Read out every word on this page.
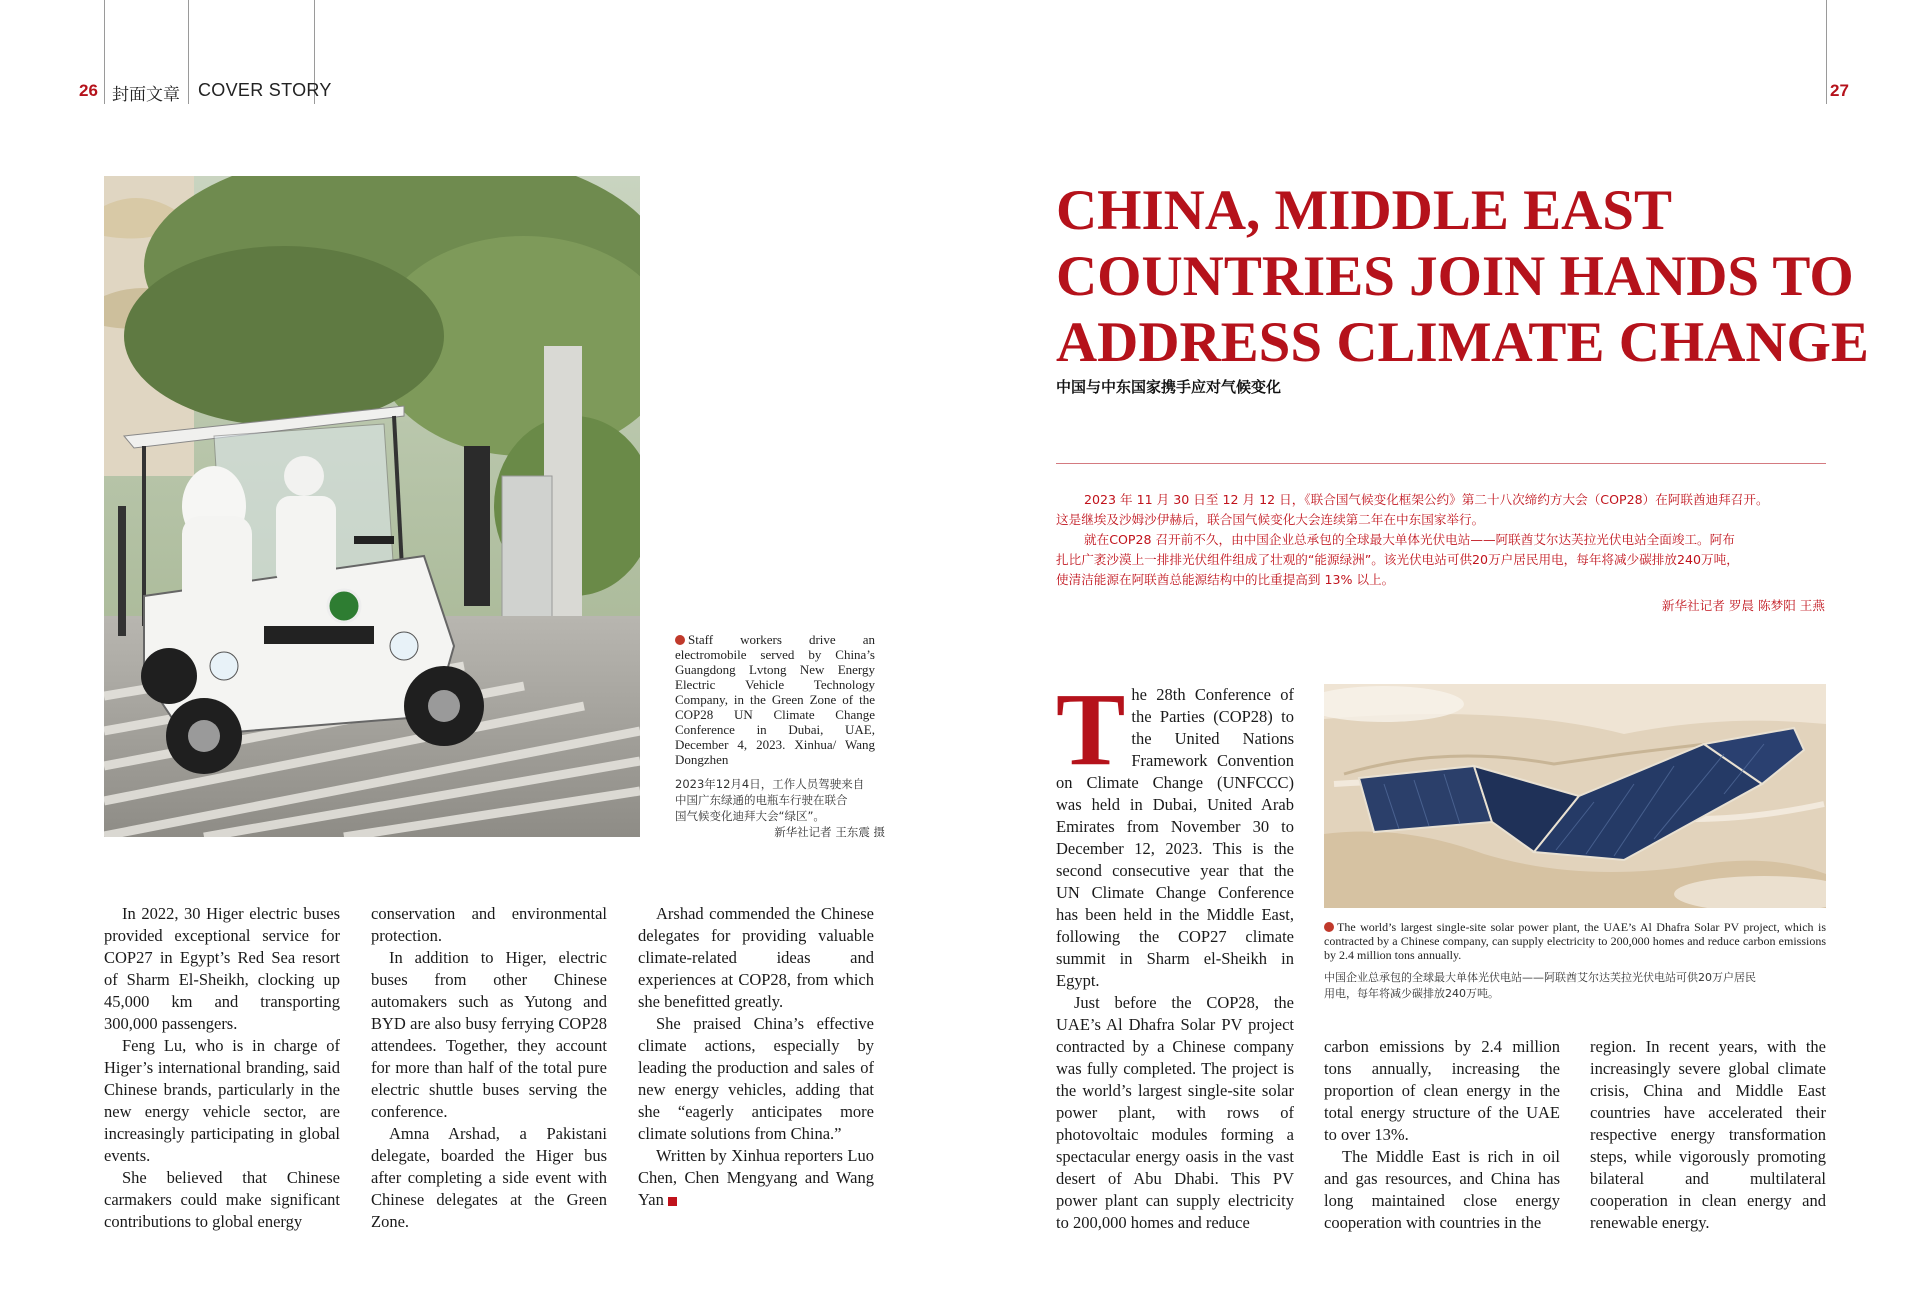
26 封面文章 COVER STORY	27
Staff workers drive an electromobile served by China’s Guangdong Lvtong New Energy Electric Vehicle Technology Company, in the Green Zone of the COP28 UN Climate Change Conference in Dubai, UAE, December 4, 2023. Xinhua/ Wang Dongzhen
2023年12月4日，工作人员驾驶来自
中国广东绿通的电瓶车行驶在联合
国气候变化迪拜大会“绿区”。
新华社记者 王东震 摄

In 2022, 30 Higer electric buses provided exceptional service for COP27 in Egypt’s Red Sea resort of Sharm El-Sheikh, clocking up 45,000 km and transporting 300,000 passengers.

Feng Lu, who is in charge of Higer’s international branding, said Chinese brands, particularly in the new energy vehicle sector, are increasingly participating in global events.

She believed that Chinese carmakers could make significant contributions to global energy

conservation and environmental protection.

In addition to Higer, electric buses from other Chinese automakers such as Yutong and BYD are also busy ferrying COP28 attendees. Together, they account for more than half of the total pure electric shuttle buses serving the conference.

Amna Arshad, a Pakistani delegate, boarded the Higer bus after completing a side event with Chinese delegates at the Green Zone.

Arshad commended the Chinese delegates for providing valuable climate-related ideas and experiences at COP28, from which she benefitted greatly.

She praised China’s effective climate actions, especially by leading the production and sales of new energy vehicles, adding that she “eagerly anticipates more climate solutions from China.”

Written by Xinhua reporters Luo Chen, Chen Mengyang and Wang Yan

CHINA, MIDDLE EAST
COUNTRIES JOIN HANDS TO
ADDRESS CLIMATE CHANGE
中国与中东国家携手应对气候变化

2023 年 11 月 30 日至 12 月 12 日，《联合国气候变化框架公约》第二十八次缔约方大会（COP28）在阿联酋迪拜召开。

这是继埃及沙姆沙伊赫后，联合国气候变化大会连续第二年在中东国家举行。

就在COP28 召开前不久，由中国企业总承包的全球最大单体光伏电站——阿联酋艾尔达芙拉光伏电站全面竣工。阿布

扎比广袤沙漠上一排排光伏组件组成了壮观的“能源绿洲”。该光伏电站可供20万户居民用电，每年将减少碳排放240万吨，

使清洁能源在阿联酋总能源结构中的比重提高到 13% 以上。

新华社记者 罗晨 陈梦阳 王燕

The 28th Conference of the Parties (COP28) to the United Nations Framework Convention on Climate Change (UNFCCC) was held in Dubai, United Arab Emirates from November 30 to December 12, 2023. This is the second consecutive year that the UN Climate Change Conference has been held in the Middle East, following the COP27 climate summit in Sharm el-Sheikh in Egypt.

Just before the COP28, the UAE’s Al Dhafra Solar PV project contracted by a Chinese company was fully completed. The project is the world’s largest single-site solar power plant, with rows of photovoltaic modules forming a spectacular energy oasis in the vast desert of Abu Dhabi. This PV power plant can supply electricity to 200,000 homes and reduce

The world’s largest single-site solar power plant, the UAE’s Al Dhafra Solar PV project, which is contracted by a Chinese company, can supply electricity to 200,000 homes and reduce carbon emissions by 2.4 million tons annually.
中国企业总承包的全球最大单体光伏电站——阿联酋艾尔达芙拉光伏电站可供20万户居民
用电，每年将减少碳排放240万吨。

carbon emissions by 2.4 million tons annually, increasing the proportion of clean energy in the total energy structure of the UAE to over 13%.

The Middle East is rich in oil and gas resources, and China has long maintained close energy cooperation with countries in the

region. In recent years, with the increasingly severe global climate crisis, China and Middle East countries have accelerated their respective energy transformation steps, while vigorously promoting bilateral and multilateral cooperation in clean energy and renewable energy.
